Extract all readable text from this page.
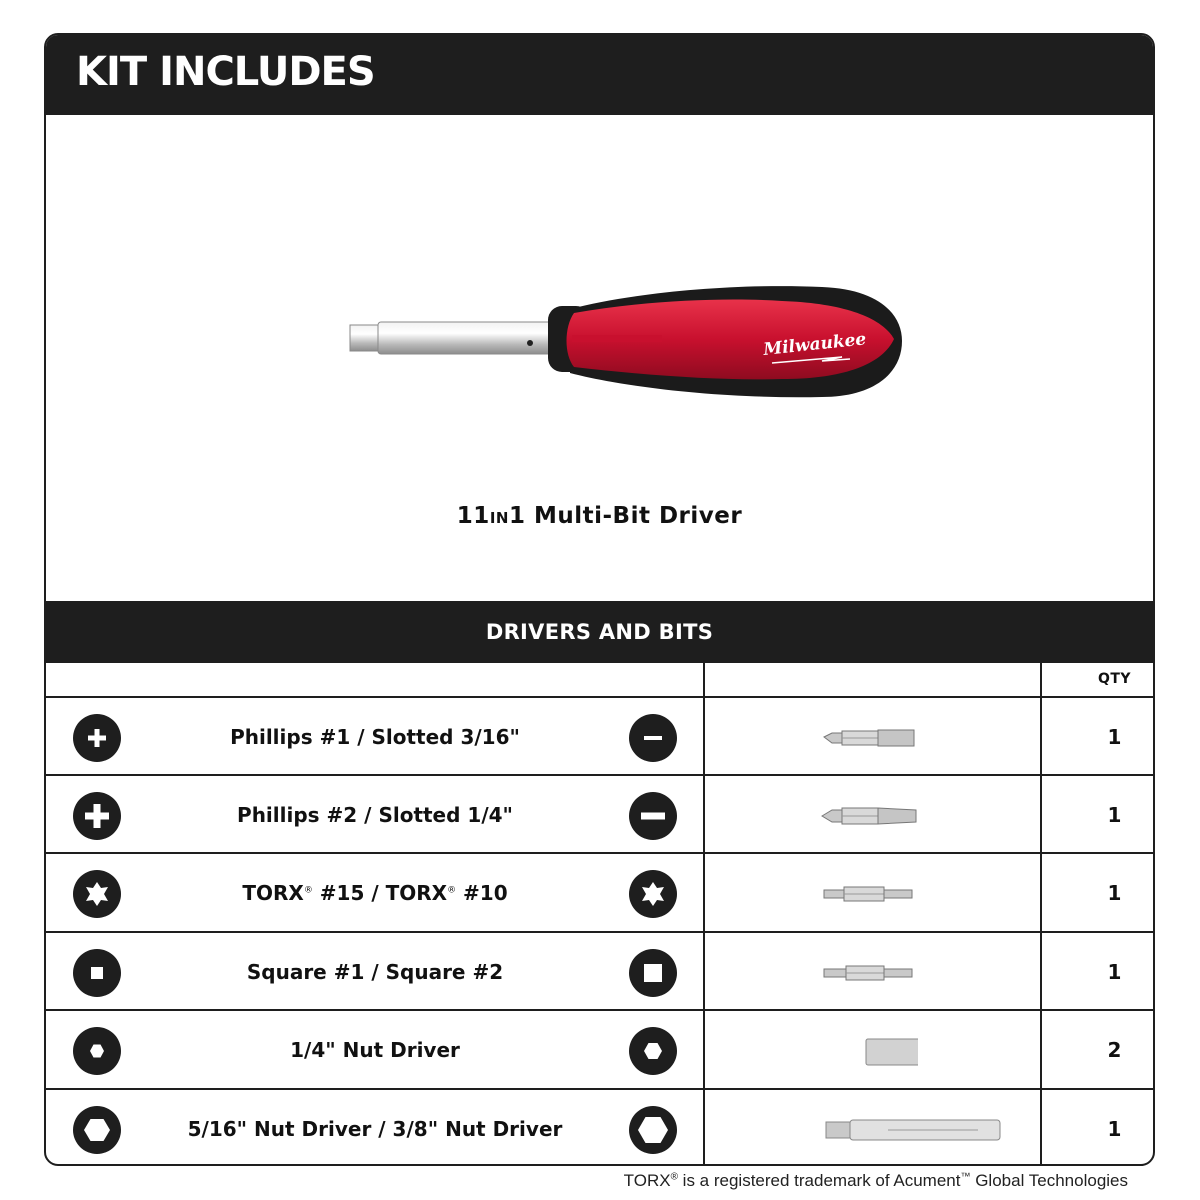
KIT INCLUDES
Milwaukee

11IN1 Multi-Bit Driver

DRIVERS AND BITS
QTY
Phillips #1 / Slotted 3/16"	1
Phillips #2 / Slotted 1/4"	1
TORX® #15 / TORX® #10	1
Square #1 / Square #2	1
1/4" Nut Driver	2
5/16" Nut Driver / 3/8" Nut Driver	1

TORX® is a registered trademark of Acument™ Global Technologies
